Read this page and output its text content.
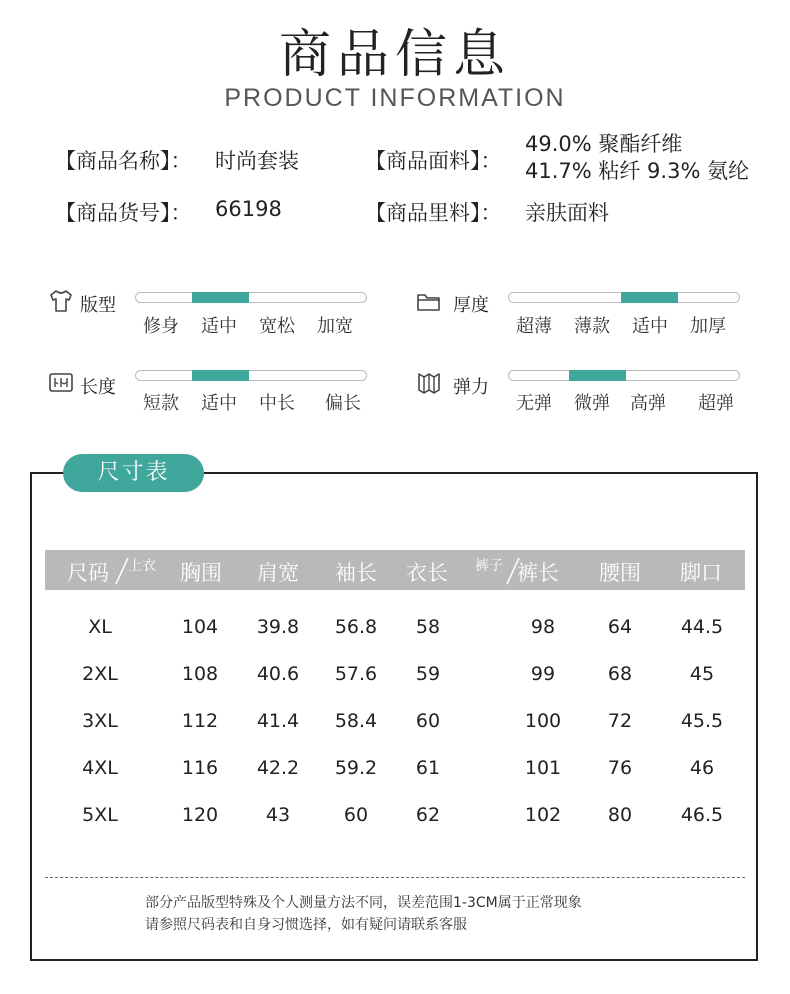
商品信息
PRODUCT INFORMATION
【商品名称】： 时尚套装
【商品货号】： 66198
【商品面料】：
49.0% 聚酯纤维
41.7% 粘纤 9.3% 氨纶
【商品里料】： 亲肤面料
版型
修身 适中 宽松 加宽
厚度
超薄 薄款 适中 加厚
长度
短款 适中 中长 偏长
弹力
无弹 微弹 高弹 超弹
尺寸表
尺码 上衣	胸围	肩宽	袖长	衣长	裤子 裤长	腰围	脚口
XL	104	39.8	56.8	58	98	64	44.5
2XL	108	40.6	57.6	59	99	68	45
3XL	112	41.4	58.4	60	100	72	45.5
4XL	116	42.2	59.2	61	101	76	46
5XL	120	43	60	62	102	80	46.5
部分产品版型特殊及个人测量方法不同，误差范围1-3CM属于正常现象
请参照尺码表和自身习惯选择，如有疑问请联系客服
